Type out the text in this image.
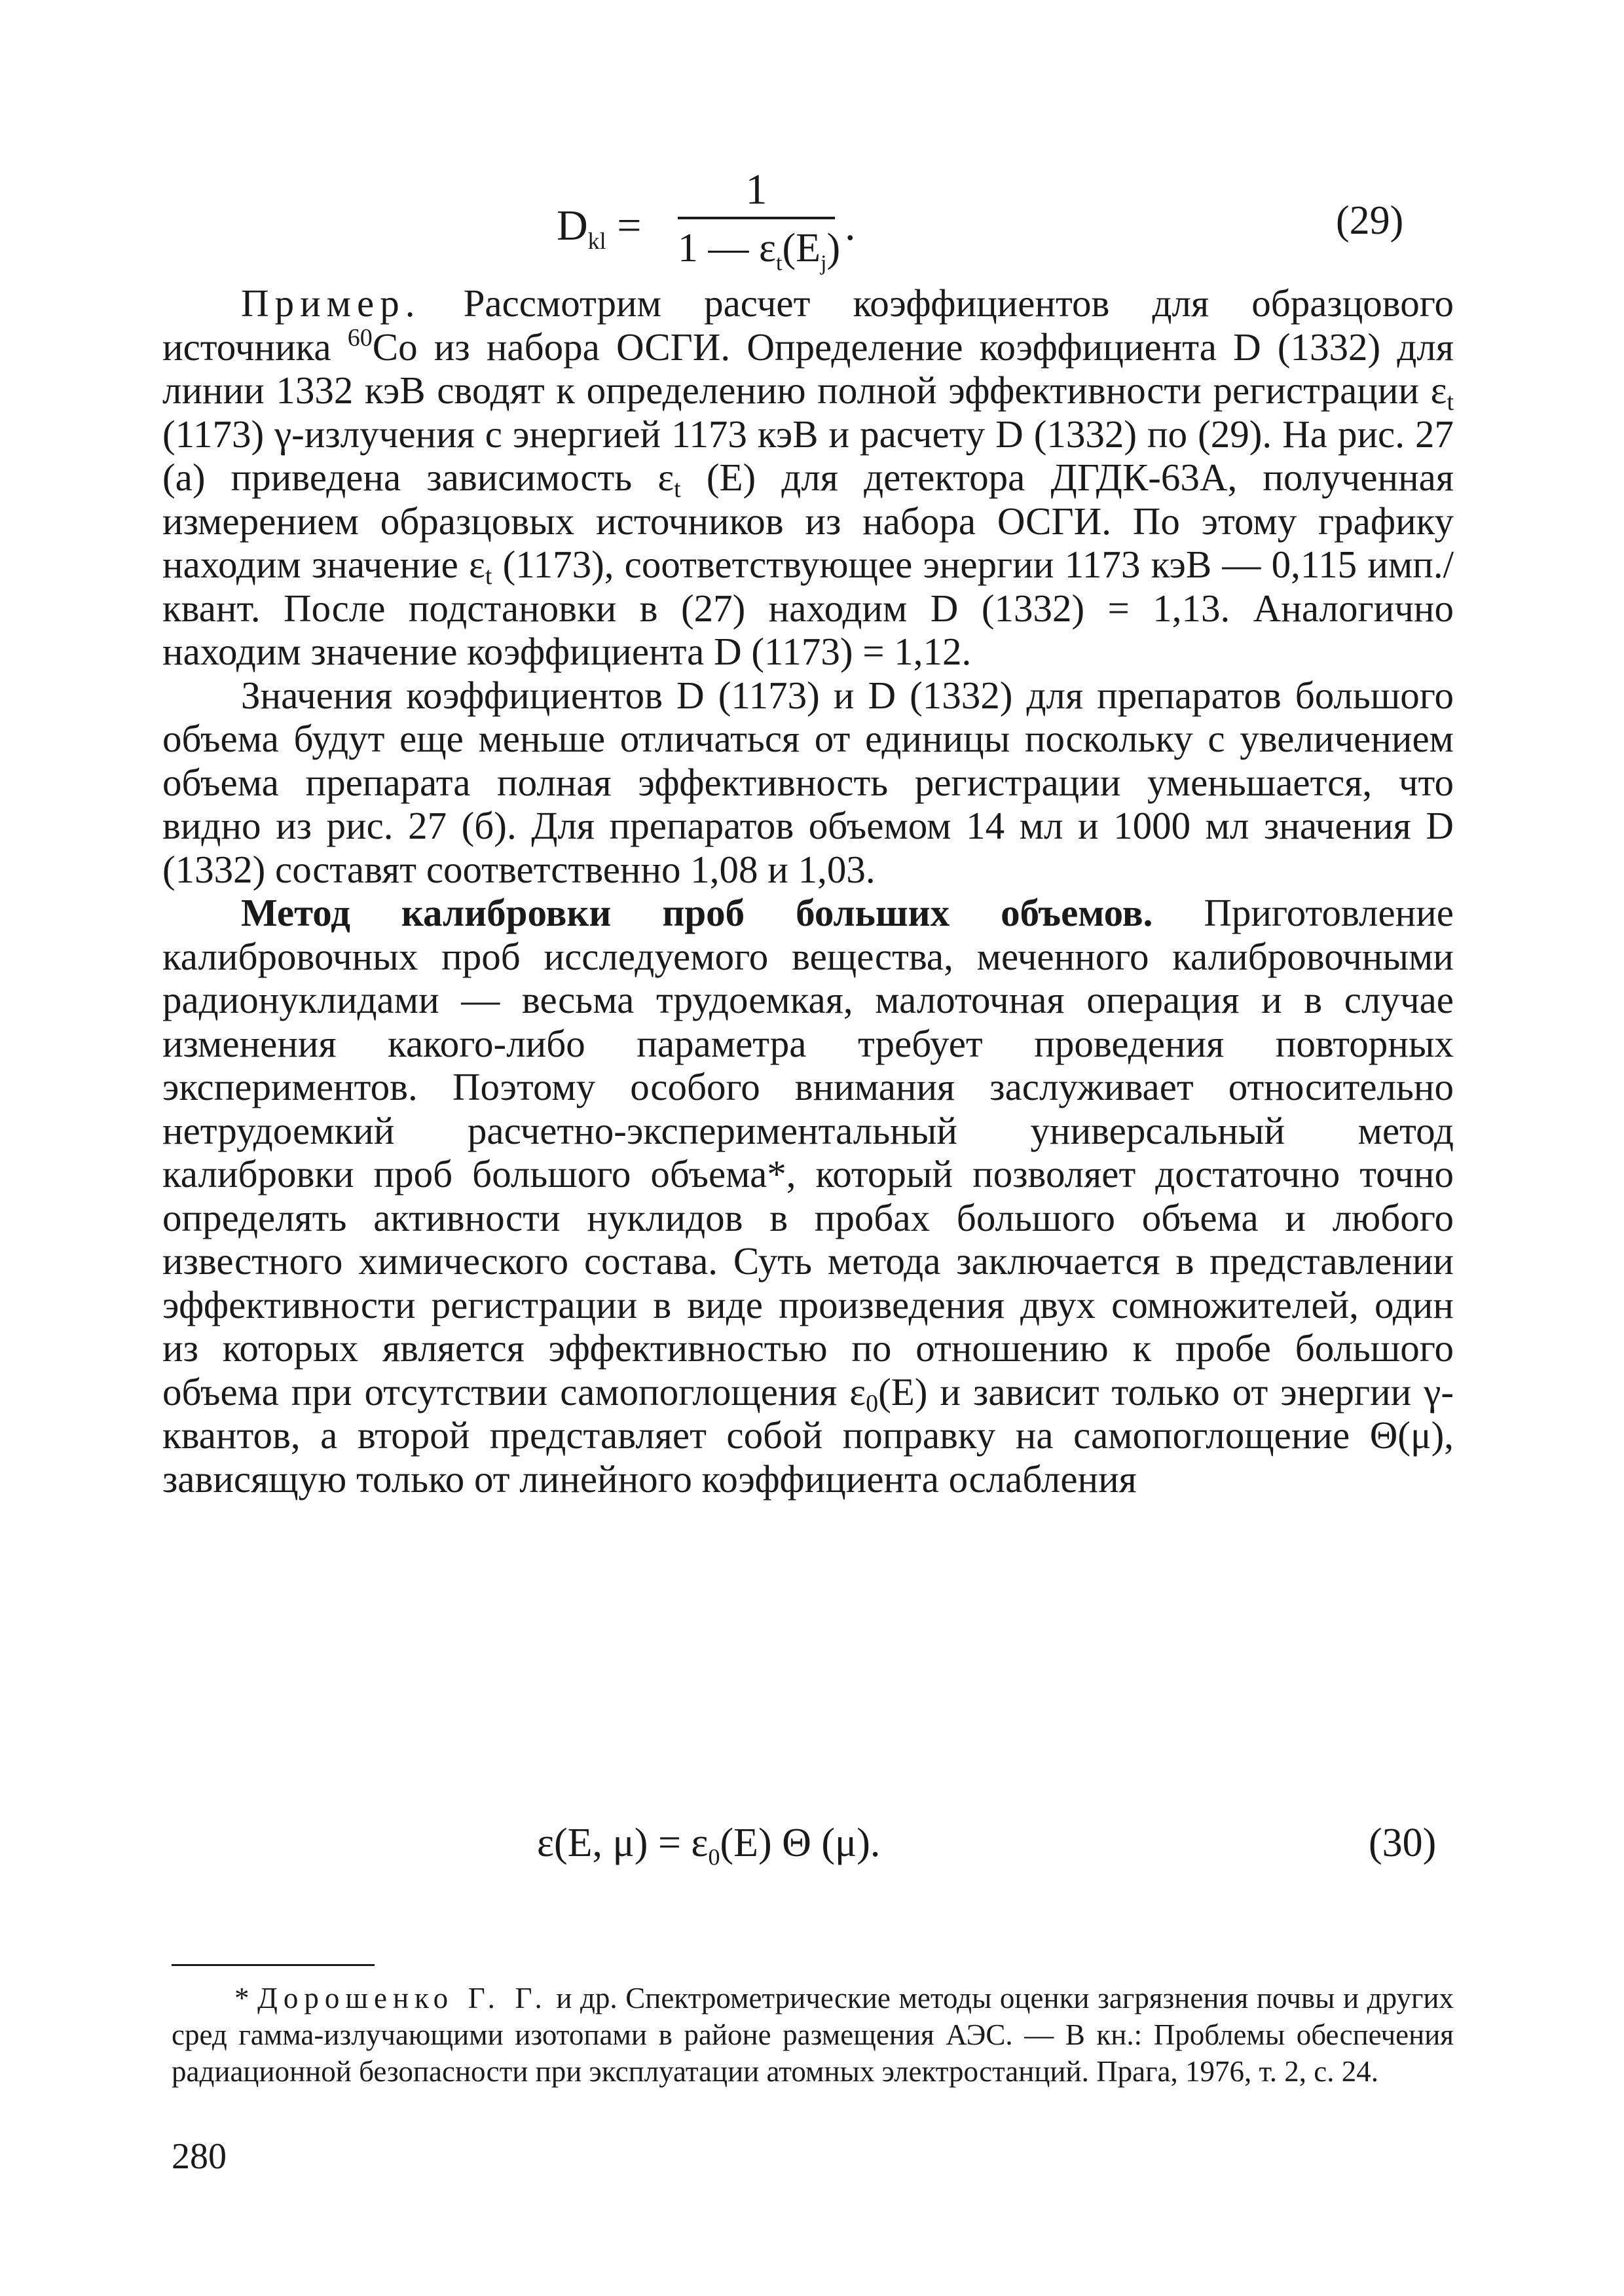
$D_{kl}$ =
1
1 — $\varepsilon_t(E_j)$ .	(29)

Пример. Рассмотрим расчет коэффициентов для образцового источника $^{60}$Co из набора ОСГИ. Определение коэффициента D (1332) для линии 1332 кэВ сводят к определению полной эффективности регистрации $\varepsilon_t$ (1173) γ-излучения с энергией 1173 кэВ и расчету D (1332) по (29). На рис. 27 (а) приведена зависимость $\varepsilon_t$ (E) для детектора ДГДК-63А, полученная измерением образцовых источников из набора ОСГИ. По этому графику находим значение $\varepsilon_t$ (1173), соответствующее энергии 1173 кэВ — 0,115 имп./квант. После подстановки в (27) находим D (1332) = 1,13. Аналогично находим значение коэффициента D (1173) = 1,12.

Значения коэффициентов D (1173) и D (1332) для препаратов большого объема будут еще меньше отличаться от единицы поскольку с увеличением объема препарата полная эффективность регистрации уменьшается, что видно из рис. 27 (б). Для препаратов объемом 14 мл и 1000 мл значения D (1332) составят соответственно 1,08 и 1,03.

Метод калибровки проб больших объемов. Приготовление калибровочных проб исследуемого вещества, меченного калибровочными радионуклидами — весьма трудоемкая, малоточная операция и в случае изменения какого-либо параметра требует проведения повторных экспериментов. Поэтому особого внимания заслуживает относительно нетрудоемкий расчетно-экспериментальный универсальный метод калибровки проб большого объема*, который позволяет достаточно точно определять активности нуклидов в пробах большого объема и любого известного химического состава. Суть метода заключается в представлении эффективности регистрации в виде произведения двух сомножителей, один из которых является эффективностью по отношению к пробе большого объема при отсутствии самопоглощения $\varepsilon_0(E)$ и зависит только от энергии γ-квантов, а второй представляет собой поправку на самопоглощение Θ(μ), зависящую только от линейного коэффициента ослабления

ε(E, $\mu) = \varepsilon_0(E)$ Θ (μ).	(30)
* Дорошенко Г. Г. и др. Спектрометрические методы оценки загрязнения почвы и других сред гамма-излучающими изотопами в районе размещения АЭС. — В кн.: Проблемы обеспечения радиационной безопасности при эксплуатации атомных электростанций. Прага, 1976, т. 2, с. 24.
280
